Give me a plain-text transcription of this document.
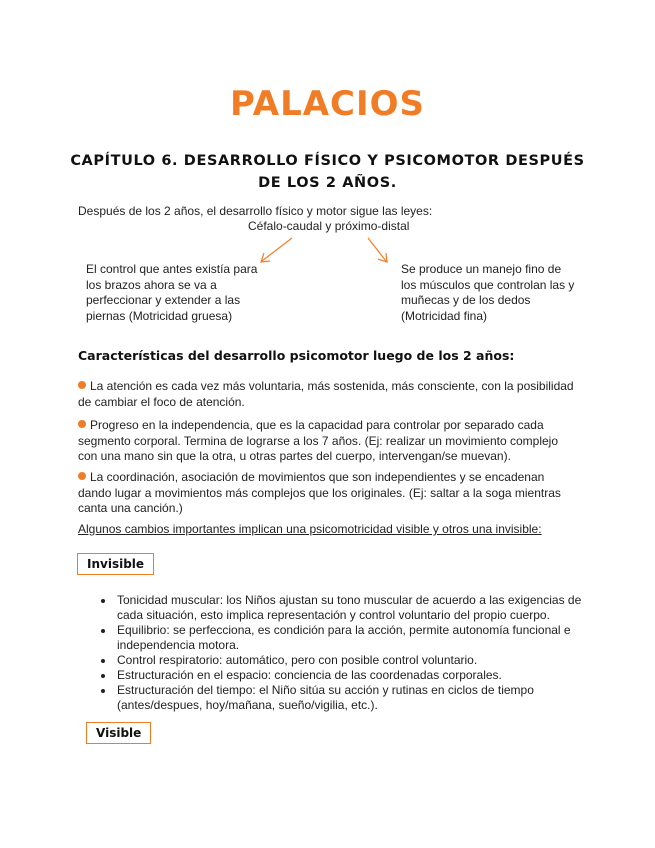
PALACIOS
CAPÍTULO 6. DESARROLLO FÍSICO Y PSICOMOTOR DESPUÉS DE LOS 2 AÑOS.
Después de los 2 años, el desarrollo físico y motor sigue las leyes:
Céfalo-caudal y próximo-distal
El control que antes existía para los brazos ahora se va a perfeccionar y extender a las piernas (Motricidad gruesa)
Se produce un manejo fino de los músculos que controlan las y muñecas y de los dedos (Motricidad fina)
Características del desarrollo psicomotor luego de los 2 años:
La atención es cada vez más voluntaria, más sostenida, más consciente, con la posibilidad de cambiar el foco de atención.
Progreso en la independencia, que es la capacidad para controlar por separado cada segmento corporal. Termina de lograrse a los 7 años. (Ej: realizar un movimiento complejo con una mano sin que la otra, u otras partes del cuerpo, intervengan/se muevan).
La coordinación, asociación de movimientos que son independientes y se encadenan dando lugar a movimientos más complejos que los originales. (Ej: saltar a la soga mientras canta una canción.)
Algunos cambios importantes implican una psicomotricidad visible y otros una invisible:
Invisible
• Tonicidad muscular: los Niños ajustan su tono muscular de acuerdo a las exigencias de cada situación, esto implica representación y control voluntario del propio cuerpo.
• Equilibrio: se perfecciona, es condición para la acción, permite autonomía funcional e independencia motora.
• Control respiratorio: automático, pero con posible control voluntario.
• Estructuración en el espacio: conciencia de las coordenadas corporales.
• Estructuración del tiempo: el Niño sitúa su acción y rutinas en ciclos de tiempo (antes/despues, hoy/mañana, sueño/vigilia, etc.).
Visible
